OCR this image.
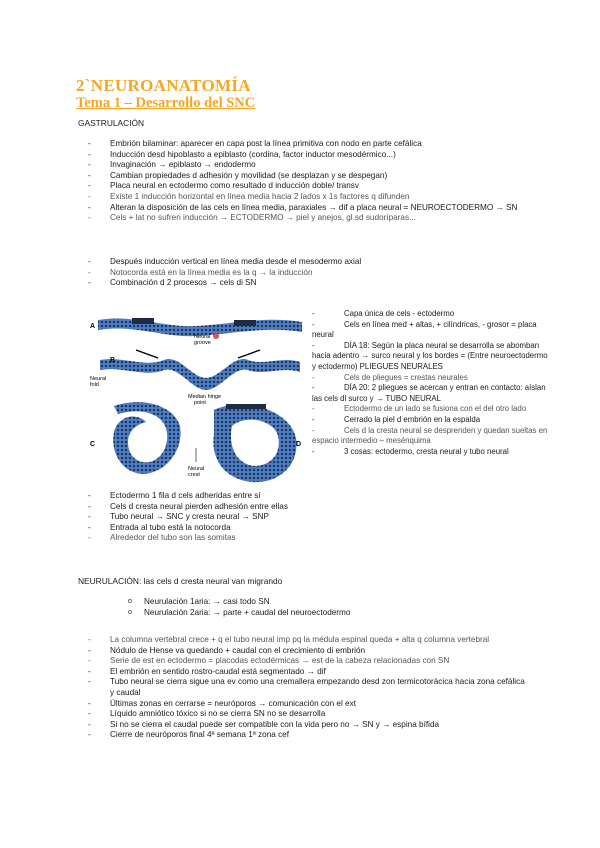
2`NEUROANATOMÍA
Tema 1 – Desarrollo del SNC
GASTRULACIÓN
- Embrión bilaminar: aparecer en capa post la línea primitiva con nodo en parte cefálica
- Inducción desd hipoblasto a epiblasto (cordina, factor inductor mesodérmico...)
- Invaginación → epiblasto → endodermo
- Cambian propiedades d adhesión y movilidad (se desplazan y se despegan)
- Placa neural en ectodermo como resultado d inducción doble/ transv
- Existe 1 inducción horizontal en línea media hacia 2 lados x 1s factores q difunden
- Alteran la disposición de las cels en línea media, paraxiales → dif a placa neural = NEUROECTODERMO → SN
- Cels + lat no sufren inducción → ECTODERMO → piel y anejos, gl.sd sudoríparas...
- Después inducción vertical en línea media desde el mesodermo axial
- Notocorda está en la línea media es la q → la inducción
- Combinación d 2 procesos → cels di SN
A
Neural
groove
B
Neural
fold
Median hinge
point
C	D
Neural
crest
-	Capa única de cels - ectodermo
-	Cels en línea med + altas, + cilíndricas, - grosor = placa neural
-	DÍA 18: Según la placa neural se desarrolla se abomban hacia adentro → surco neural y los bordes = (Entre neuroectodermo y ectodermo) PLIEGUES NEURALES
-	Cels de pliegues = crestas neurales
-	DÍA 20: 2 pliegues se acercan y entran en contacto: aíslan las cels dl surco y → TUBO NEURAL
-	Ectodermo de un lado se fusiona con el del otro lado
-	Cerrado la piel d embrión en la espalda
-	Cels d la cresta neural se desprenden y quedan sueltas en espacio intermedio – mesénquima
-	3 cosas: ectodermo, cresta neural y tubo neural
- Ectodermo 1 fila d cels adheridas entre sí
- Cels d cresta neural pierden adhesión entre ellas
- Tubo neural → SNC y cresta neural → SNP
- Entrada al tubo está la notocorda
- Alrededor del tubo son las somitas
NEURULACIÓN: las cels d cresta neural van migrando
o Neurulación 1aria: → casi todo SN
o Neurulación 2aria: → parte + caudal del neuroectodermo
- La columna vertebral crece + q el tubo neural imp pq la médula espinal queda + alta q columna vertebral
- Nódulo de Hense va quedando + caudal con el crecimiento di embrión
- Serie de est en ectodermo = placodas ectodérmicas → est de la cabeza relacionadas con SN
- El embrión en sentido rostro-caudal está segmentado → dif
- Tubo neural se cierra sigue una ev como una cremallera empezando desd zon termicotorácica hacia zona cefálica y caudal
- Últimas zonas en cerrarse = neuróporos → comunicación con el ext
- Líquido amniótico tóxico si no se cierra SN no se desarrolla
- Si no se cierra el caudal puede ser compatible con la vida pero no → SN y → espina bífida
- Cierre de neuróporos final 4ª semana 1ª zona cef
